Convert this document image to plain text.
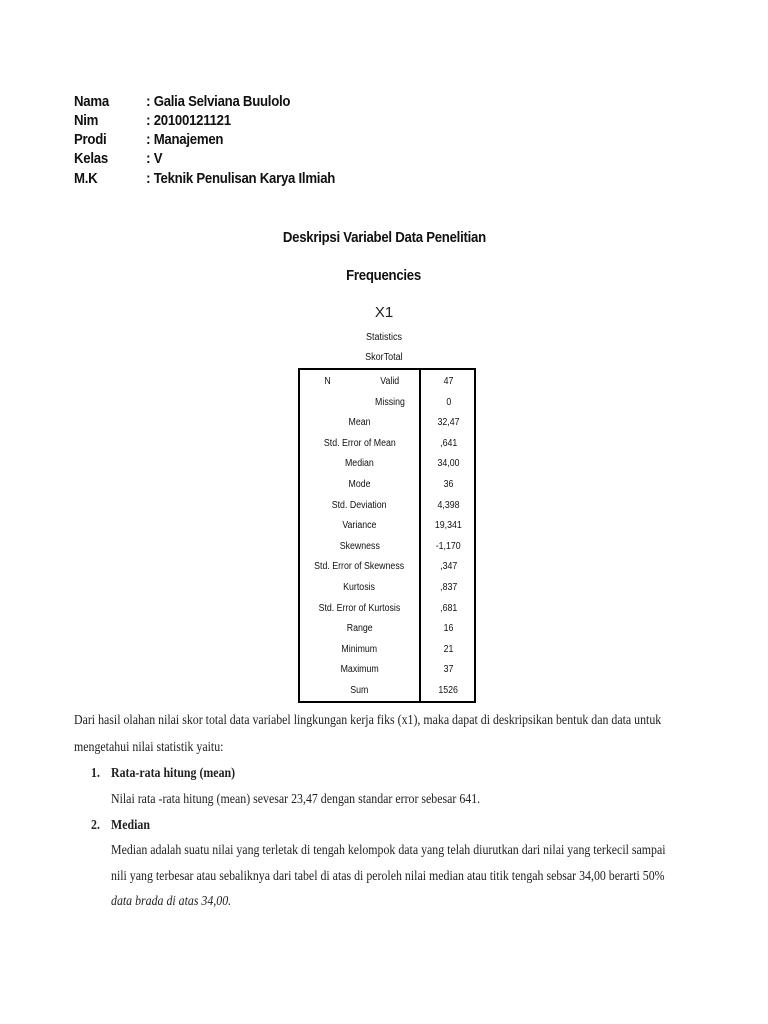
Nama : Galia Selviana Buulolo
Nim	: 20100121121
Prodi	: Manajemen
Kelas	: V
M.K	: Teknik Penulisan Karya Ilmiah
Deskripsi Variabel Data Penelitian
Frequencies
X1
Statistics
SkorTotal
N	Valid	47
Missing	0
Mean	32,47
Std. Error of Mean	,641
Median	34,00
Mode	36
Std. Deviation	4,398
Variance	19,341
Skewness	-1,170
Std. Error of Skewness	,347
Kurtosis	,837
Std. Error of Kurtosis	,681
Range	16
Minimum	21
Maximum	37
Sum	1526
Dari hasil olahan nilai skor total data variabel lingkungan kerja fiks (x1), maka dapat di deskripsikan bentuk dan data untuk
mengetahui nilai statistik yaitu:
1. Rata-rata hitung (mean)
Nilai rata -rata hitung (mean) sevesar 23,47 dengan standar error sebesar 641.
2. Median
Median adalah suatu nilai yang terletak di tengah kelompok data yang telah diurutkan dari nilai yang terkecil sampai
nili yang terbesar atau sebaliknya dari tabel di atas di peroleh nilai median atau titik tengah sebsar 34,00 berarti 50%
data brada di atas 34,00.
